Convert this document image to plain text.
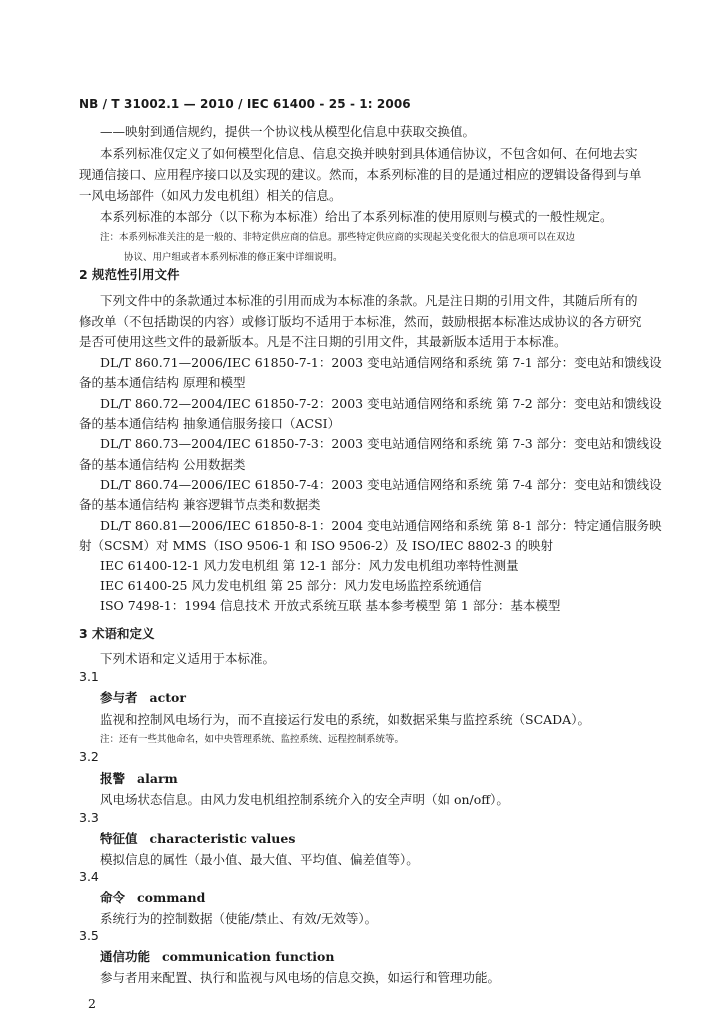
NB / T 31002.1 — 2010 / IEC 61400 - 25 - 1: 2006

——映射到通信规约，提供一个协议栈从模型化信息中获取交换值。

本系列标准仅定义了如何模型化信息、信息交换并映射到具体通信协议，不包含如何、在何地去实

现通信接口、应用程序接口以及实现的建议。然而，本系列标准的目的是通过相应的逻辑设备得到与单

一风电场部件（如风力发电机组）相关的信息。

本系列标准的本部分（以下称为本标准）给出了本系列标准的使用原则与模式的一般性规定。

注：本系列标准关注的是一般的、非特定供应商的信息。那些特定供应商的实现起关变化很大的信息项可以在双边

协议、用户组或者本系列标准的修正案中详细说明。

2 规范性引用文件

下列文件中的条款通过本标准的引用而成为本标准的条款。凡是注日期的引用文件，其随后所有的

修改单（不包括勘误的内容）或修订版均不适用于本标准，然而，鼓励根据本标准达成协议的各方研究

是否可使用这些文件的最新版本。凡是不注日期的引用文件，其最新版本适用于本标准。

DL/T 860.71—2006/IEC 61850-7-1：2003 变电站通信网络和系统 第 7-1 部分：变电站和馈线设

备的基本通信结构 原理和模型

DL/T 860.72—2004/IEC 61850-7-2：2003 变电站通信网络和系统 第 7-2 部分：变电站和馈线设

备的基本通信结构 抽象通信服务接口（ACSI）

DL/T 860.73—2004/IEC 61850-7-3：2003 变电站通信网络和系统 第 7-3 部分：变电站和馈线设

备的基本通信结构 公用数据类

DL/T 860.74—2006/IEC 61850-7-4：2003 变电站通信网络和系统 第 7-4 部分：变电站和馈线设

备的基本通信结构 兼容逻辑节点类和数据类

DL/T 860.81—2006/IEC 61850-8-1：2004 变电站通信网络和系统 第 8-1 部分：特定通信服务映

射（SCSM）对 MMS（ISO 9506-1 和 ISO 9506-2）及 ISO/IEC 8802-3 的映射

IEC 61400-12-1 风力发电机组 第 12-1 部分：风力发电机组功率特性测量

IEC 61400-25 风力发电机组 第 25 部分：风力发电场监控系统通信

ISO 7498-1：1994 信息技术 开放式系统互联 基本参考模型 第 1 部分：基本模型

3 术语和定义

下列术语和定义适用于本标准。

3.1

参与者 actor

监视和控制风电场行为，而不直接运行发电的系统，如数据采集与监控系统（SCADA）。

注：还有一些其他命名，如中央管理系统、监控系统、远程控制系统等。

3.2

报警 alarm

风电场状态信息。由风力发电机组控制系统介入的安全声明（如 on/off）。

3.3

特征值 characteristic values

模拟信息的属性（最小值、最大值、平均值、偏差值等）。

3.4

命令 command

系统行为的控制数据（使能/禁止、有效/无效等）。

3.5

通信功能 communication function

参与者用来配置、执行和监视与风电场的信息交换，如运行和管理功能。

2
